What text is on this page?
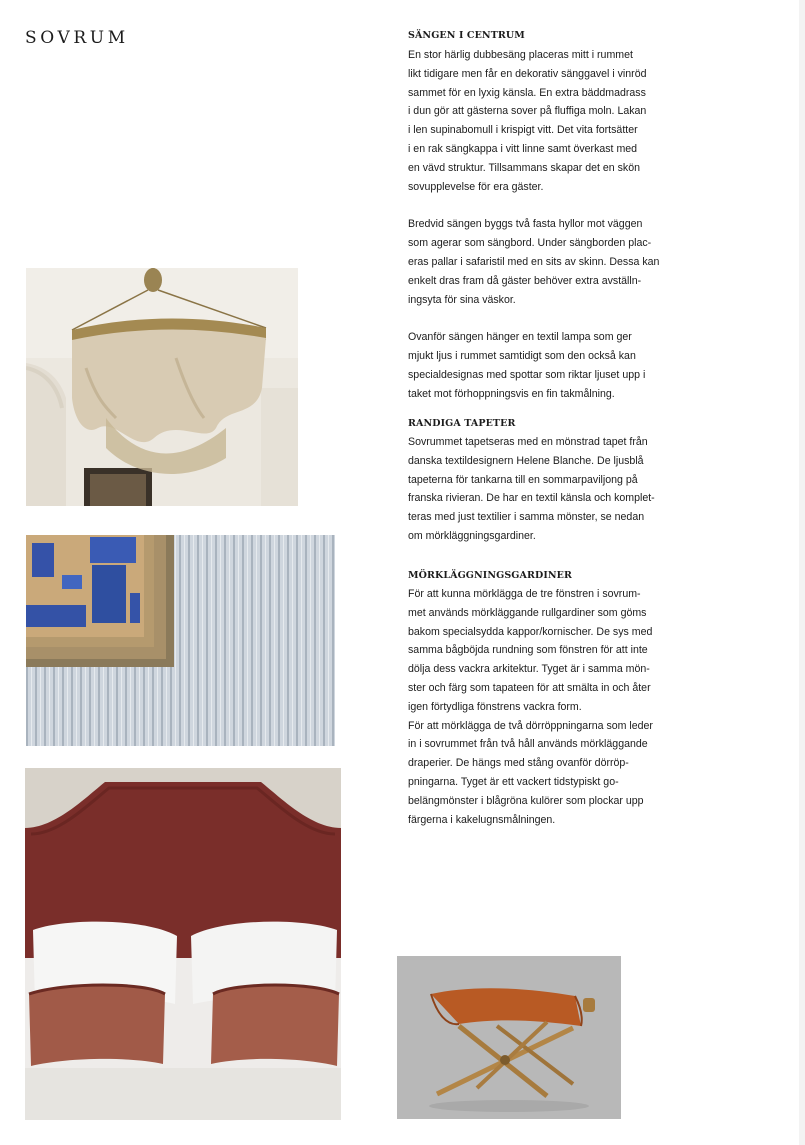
SOVRUM	SÄNGEN I CENTRUM

En stor härlig dubbesäng placeras mitt i rummet
likt tidigare men får en dekorativ sänggavel i vinröd
sammet för en lyxig känsla. En extra bäddmadrass
i dun gör att gästerna sover på fluffiga moln. Lakan
i len supinabomull i krispigt vitt. Det vita fortsätter
i en rak sängkappa i vitt linne samt överkast med
en vävd struktur. Tillsammans skapar det en skön
sovupplevelse för era gäster.

Bredvid sängen byggs två fasta hyllor mot väggen
som agerar som sängbord. Under sängborden plac-
eras pallar i safaristil med en sits av skinn. Dessa kan
enkelt dras fram då gäster behöver extra avställn-
ingsyta för sina väskor.

Ovanför sängen hänger en textil lampa som ger
mjukt ljus i rummet samtidigt som den också kan
specialdesignas med spottar som riktar ljuset upp i
taket mot förhoppningsvis en fin takmålning.

RANDIGA TAPETER

Sovrummet tapetseras med en mönstrad tapet från
danska textildesignern Helene Blanche. De ljusblå
tapeterna för tankarna till en sommarpaviljong på
franska rivieran. De har en textil känsla och komplet-
teras med just textilier i samma mönster, se nedan
om mörkläggningsgardiner.

MÖRKLÄGGNINGSGARDINER

För att kunna mörklägga de tre fönstren i sovrum-
met används mörkläggande rullgardiner som göms
bakom specialsydda kappor/kornischer. De sys med
samma bågböjda rundning som fönstren för att inte
dölja dess vackra arkitektur. Tyget är i samma mön-
ster och färg som tapateen för att smälta in och åter
igen förtydliga fönstrens vackra form.

För att mörklägga de två dörröppningarna som leder
in i sovrummet från två håll används mörkläggande
draperier. De hängs med stång ovanför dörröp-
pningarna. Tyget är ett vackert tidstypiskt go-
belängmönster i blågröna kulörer som plockar upp
färgerna i kakelugnsmålningen.
